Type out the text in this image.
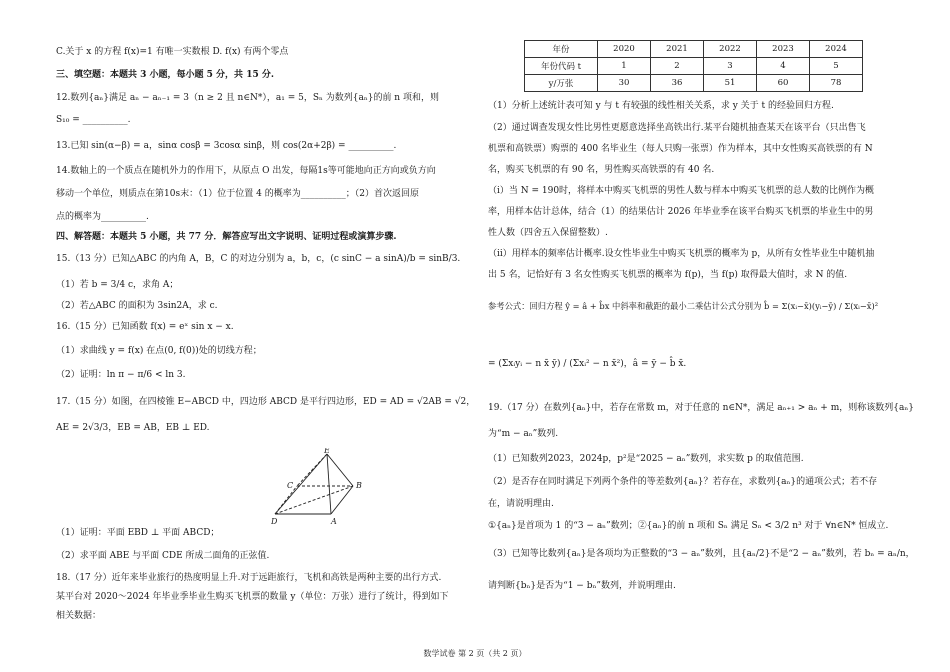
C.关于 x 的方程 f(x)=1 有唯一实数根 D. f(x) 有两个零点
三、填空题：本题共 3 小题，每小题 5 分，共 15 分.
12.数列{aₙ}满足 aₙ − aₙ₋₁ = 3（n ≥ 2 且 n∈N*），a₁ = 5，Sₙ 为数列{aₙ}的前 n 项和，则
S₁₀ = __________.
13.已知 sin(α−β) = a，sinα cosβ = 3cosα sinβ，则 cos(2α+2β) = __________.
14.数轴上的一个质点在随机外力的作用下，从原点 O 出发，每隔1s等可能地向正方向或负方向
移动一个单位，则质点在第10s末：（1）位于位置 4 的概率为__________；（2）首次返回原
点的概率为__________.
四、解答题：本题共 5 小题，共 77 分．解答应写出文字说明、证明过程或演算步骤.
15.（13 分）已知△ABC 的内角 A，B，C 的对边分别为 a，b，c，(c sinC − a sinA)/b = sinB/3.
（1）若 b = 3/4 c，求角 A；
（2）若△ABC 的面积为 3sin2A，求 c.
16.（15 分）已知函数 f(x) = eˣ sin x − x.
（1）求曲线 y = f(x) 在点(0, f(0))处的切线方程；
（2）证明：ln π − π/6 < ln 3.
17.（15 分）如图，在四棱锥 E−ABCD 中，四边形 ABCD 是平行四边形，ED = AD = √2AB = √2，
AE = 2√3/3，EB = AB，EB ⊥ ED.
E
C	B
D	A
（1）证明：平面 EBD ⊥ 平面 ABCD；
（2）求平面 ABE 与平面 CDE 所成二面角的正弦值.
18.（17 分）近年来毕业旅行的热度明显上升.对于远距旅行，飞机和高铁是两种主要的出行方式.
某平台对 2020～2024 年毕业季毕业生购买飞机票的数量 y（单位：万张）进行了统计，得到如下
相关数据：
年份	2020	2021	2022	2023	2024
年份代码 t	1	2	3	4	5
y/万张	30	36	51	60	78
（1）分析上述统计表可知 y 与 t 有较强的线性相关关系，求 y 关于 t 的经验回归方程.
（2）通过调查发现女性比男性更愿意选择坐高铁出行.某平台随机抽查某天在该平台（只出售飞
机票和高铁票）购票的 400 名毕业生（每人只购一张票）作为样本，其中女性购买高铁票的有 N
名，购买飞机票的有 90 名，男性购买高铁票的有 40 名.
（i）当 N = 190时，将样本中购买飞机票的男性人数与样本中购买飞机票的总人数的比例作为概
率，用样本估计总体，结合（1）的结果估计 2026 年毕业季在该平台购买飞机票的毕业生中的男
性人数（四舍五入保留整数）.
（ii）用样本的频率估计概率.设女性毕业生中购买飞机票的概率为 p，从所有女性毕业生中随机抽
出 5 名，记恰好有 3 名女性购买飞机票的概率为 f(p)，当 f(p) 取得最大值时，求 N 的值.
参考公式：回归方程 ŷ = â + b̂x 中斜率和截距的最小二乘估计公式分别为 b̂ = Σ(xᵢ−x̄)(yᵢ−ȳ) / Σ(xᵢ−x̄)²
= (Σxᵢyᵢ − n x̄ ȳ) / (Σxᵢ² − n x̄²)，â = ȳ − b̂ x̄.
19.（17 分）在数列{aₙ}中，若存在常数 m，对于任意的 n∈N*，满足 aₙ₊₁ > aₙ + m，则称该数列{aₙ}
为“m − aₙ”数列.
（1）已知数列2023，2024p，p²是“2025 − aₙ”数列，求实数 p 的取值范围.
（2）是否存在同时满足下列两个条件的等差数列{aₙ}？若存在，求数列{aₙ}的通项公式；若不存
在，请说明理由.
①{aₙ}是首项为 1 的“3 − aₙ”数列；②{aₙ}的前 n 项和 Sₙ 满足 Sₙ < 3/2 n³ 对于 ∀n∈N* 恒成立.
（3）已知等比数列{aₙ}是各项均为正整数的“3 − aₙ”数列，且{aₙ/2}不是“2 − aₙ”数列，若 bₙ = aₙ/n，
请判断{bₙ}是否为“1 − bₙ”数列，并说明理由.
数学试卷 第 2 页（共 2 页）
